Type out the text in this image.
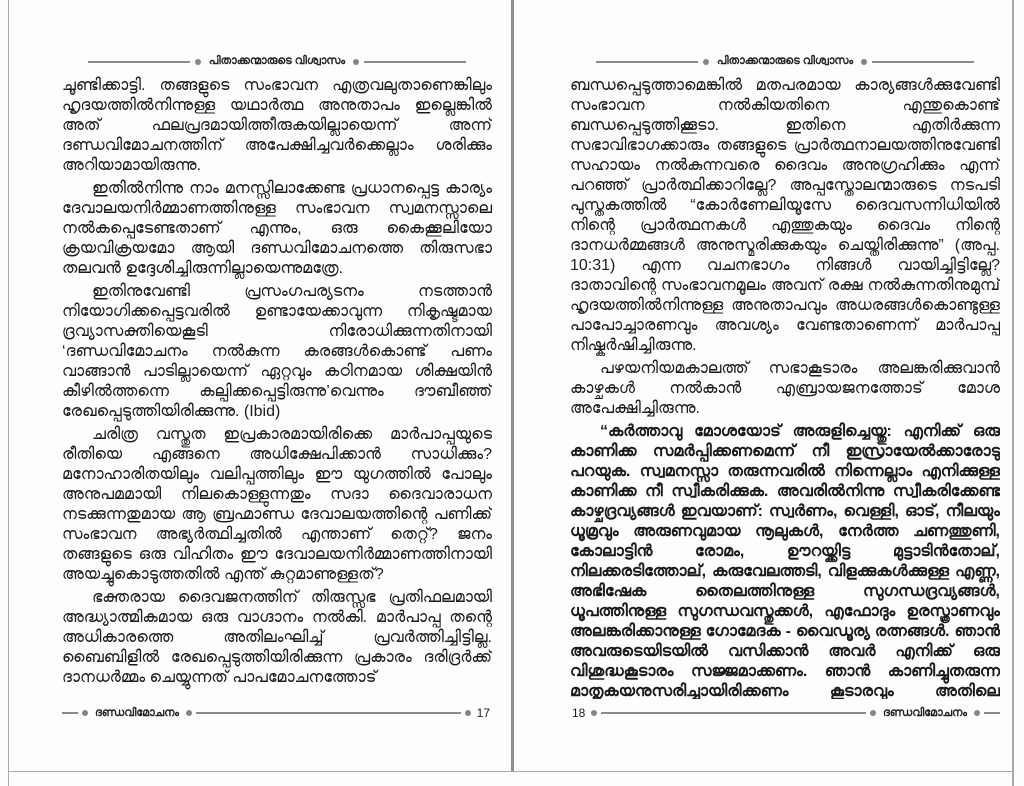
പിതാക്കന്മാരുടെ വിശ്വാസം

ചൂണ്ടിക്കാട്ടി. തങ്ങളുടെ സംഭാവന എത്രവലുതാണെങ്കിലും ഹൃദയത്തിൽനിന്നുള്ള യഥാർത്ഥ അനുതാപം ഇല്ലെങ്കിൽ അത് ഫലപ്രദമായിത്തീരുകയില്ലായെന്ന് അന്ന് ദണ്ഡവിമോചനത്തിന് അപേക്ഷിച്ചവർക്കെല്ലാം ശരിക്കും അറിയാമായിരുന്നു.

ഇതിൽനിന്നു നാം മനസ്സിലാക്കേണ്ട പ്രധാനപ്പെട്ട കാര്യം ദേവാലയനിർമ്മാണത്തിനുള്ള സംഭാവന സ്വമനസ്സാലെ നൽകപ്പെടേണ്ടതാണ് എന്നും, ഒരു കൈക്കൂലിയോ ക്രയവിക്രയമോ ആയി ദണ്ഡവിമോചനത്തെ തിരുസഭാ തലവൻ ഉദ്ദേശിച്ചിരുന്നില്ലായെന്നുമത്രേ.

ഇതിനുവേണ്ടി പ്രസംഗപര്യടനം നടത്താൻ നിയോഗിക്കപ്പെട്ടവരിൽ ഉണ്ടായേക്കാവുന്ന നികൃഷ്ടമായ ദ്രവ്യാസക്തിയെകൂടി നിരോധിക്കുന്നതിനായി ‘ദണ്ഡവിമോചനം നൽകുന്ന കരങ്ങൾകൊണ്ട് പണം വാങ്ങാൻ പാടില്ലായെന്ന് ഏറ്റവും കഠിനമായ ശിക്ഷയിൻ കീഴിൽത്തന്നെ കല്പിക്കപ്പെട്ടിരുന്നു’വെന്നും ദൗബീഞ്ഞ് രേഖപ്പെടുത്തിയിരിക്കുന്നു. (Ibid)

ചരിത്ര വസ്തുത ഇപ്രകാരമായിരിക്കെ മാർപാപ്പയുടെ രീതിയെ എങ്ങനെ അധിക്ഷേപിക്കാൻ സാധിക്കും? മനോഹാരിതയിലും വലിപ്പത്തിലും ഈ യുഗത്തിൽ പോലും അനുപമമായി നിലകൊള്ളുന്നതും സദാ ദൈവാരാധന നടക്കുന്നതുമായ ആ ബ്രഹ്മാണ്ഡ ദേവാലയത്തിന്റെ പണിക്ക് സംഭാവന അഭ്യർത്ഥിച്ചതിൽ എന്താണ് തെറ്റ്? ജനം തങ്ങളുടെ ഒരു വിഹിതം ഈ ദേവാലയനിർമ്മാണത്തിനായി അയച്ചുകൊടുത്തതിൽ എന്ത് കുറ്റമാണുള്ളത്?

ഭക്തരായ ദൈവജനത്തിന് തിരുസ്സഭ പ്രതിഫലമായി അദ്ധ്യാത്മികമായ ഒരു വാഗ്ദാനം നൽകി. മാർപാപ്പ തന്റെ അധികാരത്തെ അതിലംഘിച്ച് പ്രവർത്തിച്ചിട്ടില്ല. ബൈബിളിൽ രേഖപ്പെടുത്തിയിരിക്കുന്ന പ്രകാരം ദരിദ്രർക്ക് ദാനധർമ്മം ചെയ്യുന്നത് പാപമോചനത്തോട്

ദണ്ഡവിമോചനം	17
പിതാക്കന്മാരുടെ വിശ്വാസം

ബന്ധപ്പെടുത്താമെങ്കിൽ മതപരമായ കാര്യങ്ങൾക്കുവേണ്ടി സംഭാവന നൽകിയതിനെ എന്തുകൊണ്ട് ബന്ധപ്പെടുത്തിക്കൂടാ. ഇതിനെ എതിർക്കുന്ന സഭാവിഭാഗക്കാരും തങ്ങളുടെ പ്രാർത്ഥനാലയത്തിനുവേണ്ടി സഹായം നൽകുന്നവരെ ദൈവം അനുഗ്രഹിക്കും എന്ന് പറഞ്ഞ് പ്രാർത്ഥിക്കാറില്ലേ? അപ്പസ്തോലന്മാരുടെ നടപടി പുസ്തകത്തിൽ “കോർണേലിയൂസേ ദൈവസന്നിധിയിൽ നിന്റെ പ്രാർത്ഥനകൾ എത്തുകയും ദൈവം നിന്റെ ദാനധർമ്മങ്ങൾ അനുസ്മരിക്കുകയും ചെയ്തിരിക്കുന്നു” (അപ്പ. 10:31) എന്ന വചനഭാഗം നിങ്ങൾ വായിച്ചിട്ടില്ലേ? ദാതാവിന്റെ സംഭാവനമൂലം അവന് രക്ഷ നൽകുന്നതിനുമുമ്പ് ഹൃദയത്തിൽനിന്നുള്ള അനുതാപവും അധരങ്ങൾകൊണ്ടുള്ള പാപോച്ചാരണവും അവശ്യം വേണ്ടതാണെന്ന് മാർപാപ്പ നിഷ്കർഷിച്ചിരുന്നു.

പഴയനിയമകാലത്ത് സഭാകൂടാരം അലങ്കരിക്കുവാൻ കാഴ്ചകൾ നൽകാൻ എബ്രായജനത്തോട് മോശ അപേക്ഷിച്ചിരുന്നു.

“കർത്താവു മോശയോട് അരുളിച്ചെയ്തു: എനിക്ക് ഒരു കാണിക്ക സമർപ്പിക്കണമെന്ന് നീ ഇസ്രായേൽക്കാരോടു പറയുക. സ്വമനസ്സാ തരുന്നവരിൽ നിന്നെല്ലാം എനിക്കുള്ള കാണിക്ക നീ സ്വീകരിക്കുക. അവരിൽനിന്നു സ്വീകരിക്കേണ്ട കാഴ്ചദ്രവ്യങ്ങൾ ഇവയാണ്: സ്വർണം, വെള്ളി, ഓട്, നീലയും ധൂമ്രവും അരുണവുമായ നൂലുകൾ, നേർത്ത ചണത്തുണി, കോലാട്ടിൻ രോമം, ഊറയ്ക്കിട്ട മുട്ടാടിൻതോല്, നിലക്കരടിത്തോല്, കരുവേലത്തടി, വിളക്കുകൾക്കുള്ള എണ്ണ, അഭിഷേക തൈലത്തിനുള്ള സുഗന്ധദ്രവ്യങ്ങൾ, ധൂപത്തിനുള്ള സുഗന്ധവസ്തുക്കൾ, എഫോദും ഉരസ്ത്രാണവും അലങ്കരിക്കാനുള്ള ഗോമേദക - വൈഡൂര്യ രത്നങ്ങൾ. ഞാൻ അവരുടെയിടയിൽ വസിക്കാൻ അവർ എനിക്ക് ഒരു വിശുദ്ധകൂടാരം സജ്ജമാക്കണം. ഞാൻ കാണിച്ചുതരുന്ന മാതൃകയനുസരിച്ചായിരിക്കണം കൂടാരവും അതിലെ

18	ദണ്ഡവിമോചനം
